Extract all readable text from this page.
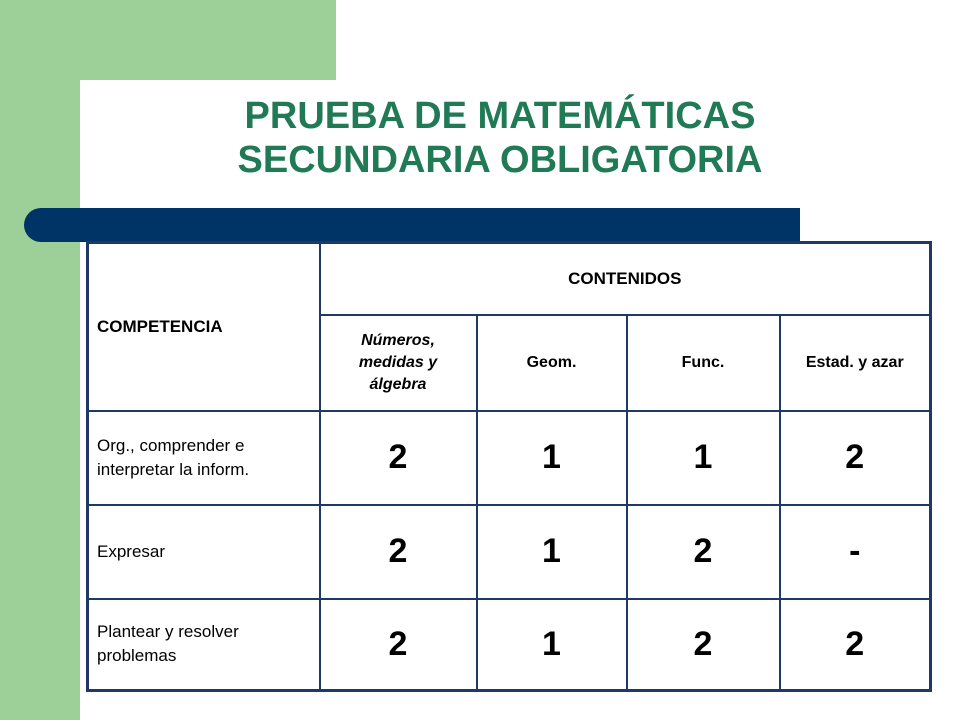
PRUEBA DE MATEMÁTICAS
SECUNDARIA OBLIGATORIA
COMPETENCIA	CONTENIDOS			
	Números, medidas y álgebra	Geom.	Func.	Estad. y azar
Org., comprender e interpretar la inform.	2	1	1	2
Expresar	2	1	2	-
Plantear y resolver problemas	2	1	2	2
